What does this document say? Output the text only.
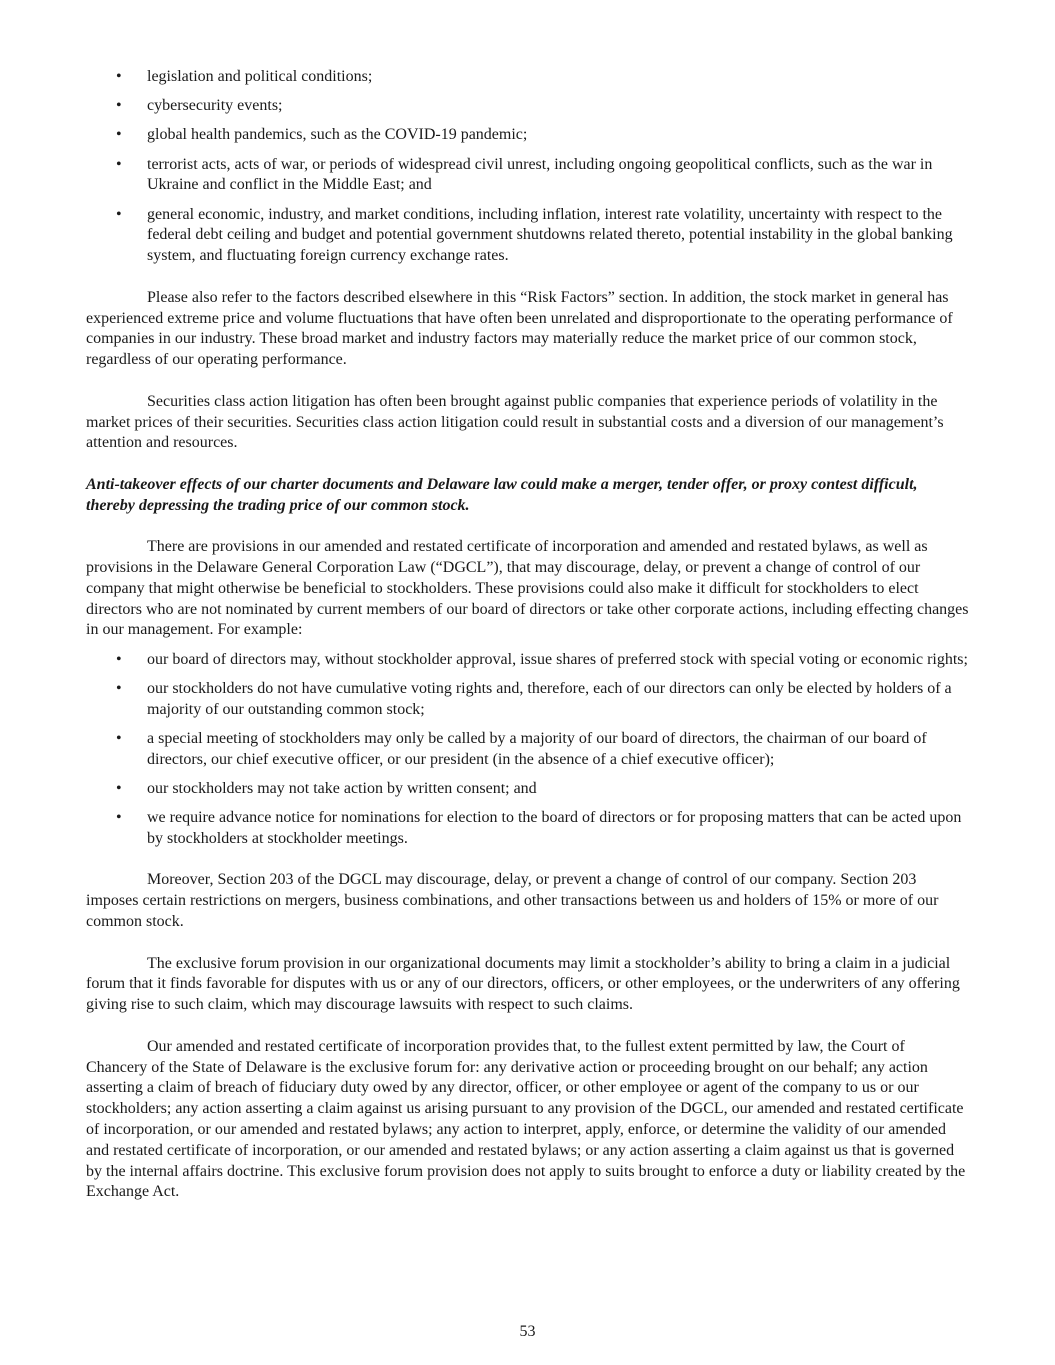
• legislation and political conditions;
• cybersecurity events;
• global health pandemics, such as the COVID-19 pandemic;
• terrorist acts, acts of war, or periods of widespread civil unrest, including ongoing geopolitical conflicts, such as the war in Ukraine and conflict in the Middle East; and
• general economic, industry, and market conditions, including inflation, interest rate volatility, uncertainty with respect to the federal debt ceiling and budget and potential government shutdowns related thereto, potential instability in the global banking system, and fluctuating foreign currency exchange rates.

Please also refer to the factors described elsewhere in this “Risk Factors” section. In addition, the stock market in general has experienced extreme price and volume fluctuations that have often been unrelated and disproportionate to the operating performance of companies in our industry. These broad market and industry factors may materially reduce the market price of our common stock, regardless of our operating performance.

Securities class action litigation has often been brought against public companies that experience periods of volatility in the market prices of their securities. Securities class action litigation could result in substantial costs and a diversion of our management’s attention and resources.

Anti-takeover effects of our charter documents and Delaware law could make a merger, tender offer, or proxy contest difficult, thereby depressing the trading price of our common stock.

There are provisions in our amended and restated certificate of incorporation and amended and restated bylaws, as well as provisions in the Delaware General Corporation Law (“DGCL”), that may discourage, delay, or prevent a change of control of our company that might otherwise be beneficial to stockholders. These provisions could also make it difficult for stockholders to elect directors who are not nominated by current members of our board of directors or take other corporate actions, including effecting changes in our management. For example:

• our board of directors may, without stockholder approval, issue shares of preferred stock with special voting or economic rights;
• our stockholders do not have cumulative voting rights and, therefore, each of our directors can only be elected by holders of a majority of our outstanding common stock;
• a special meeting of stockholders may only be called by a majority of our board of directors, the chairman of our board of directors, our chief executive officer, or our president (in the absence of a chief executive officer);
• our stockholders may not take action by written consent; and
• we require advance notice for nominations for election to the board of directors or for proposing matters that can be acted upon by stockholders at stockholder meetings.

Moreover, Section 203 of the DGCL may discourage, delay, or prevent a change of control of our company. Section 203 imposes certain restrictions on mergers, business combinations, and other transactions between us and holders of 15% or more of our common stock.

The exclusive forum provision in our organizational documents may limit a stockholder’s ability to bring a claim in a judicial forum that it finds favorable for disputes with us or any of our directors, officers, or other employees, or the underwriters of any offering giving rise to such claim, which may discourage lawsuits with respect to such claims.

Our amended and restated certificate of incorporation provides that, to the fullest extent permitted by law, the Court of Chancery of the State of Delaware is the exclusive forum for: any derivative action or proceeding brought on our behalf; any action asserting a claim of breach of fiduciary duty owed by any director, officer, or other employee or agent of the company to us or our stockholders; any action asserting a claim against us arising pursuant to any provision of the DGCL, our amended and restated certificate of incorporation, or our amended and restated bylaws; any action to interpret, apply, enforce, or determine the validity of our amended and restated certificate of incorporation, or our amended and restated bylaws; or any action asserting a claim against us that is governed by the internal affairs doctrine. This exclusive forum provision does not apply to suits brought to enforce a duty or liability created by the Exchange Act.

53
